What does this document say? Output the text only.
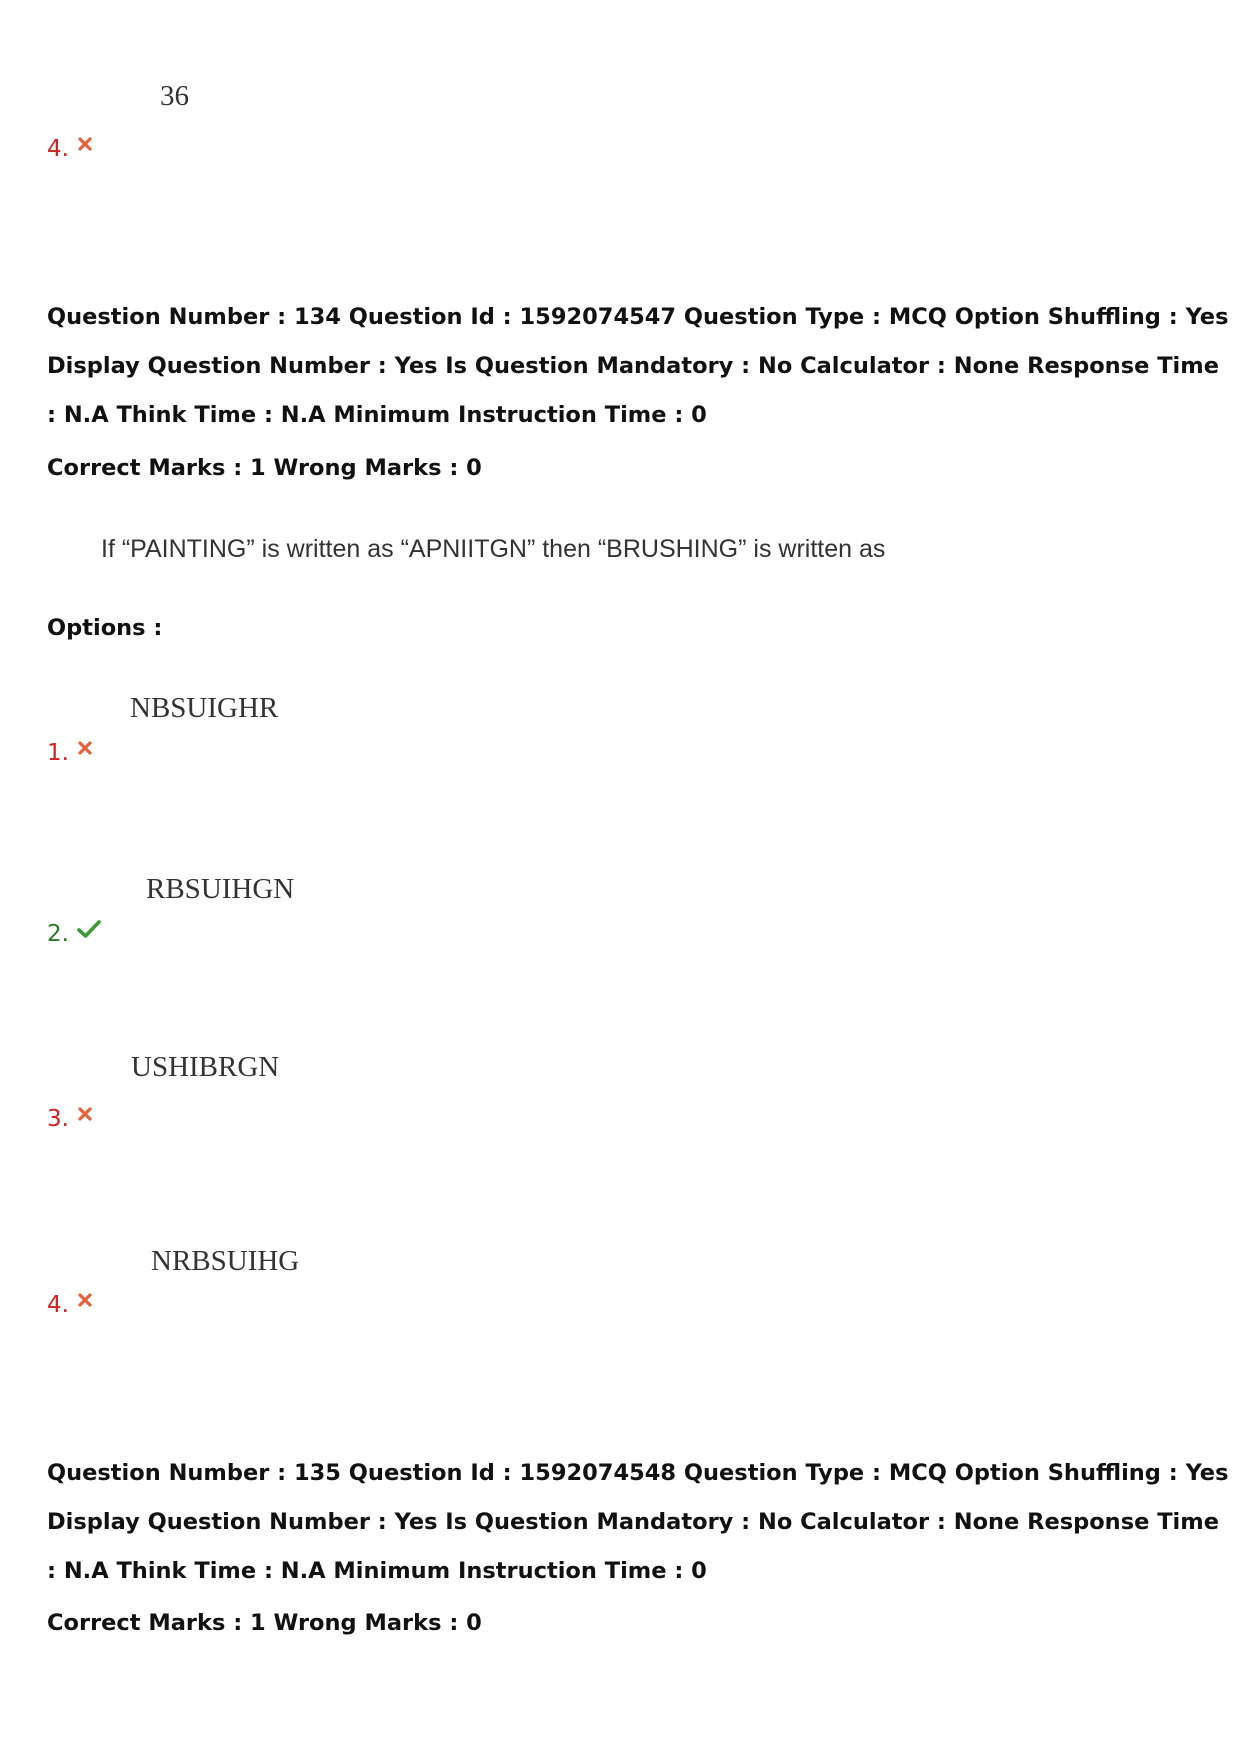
36
4.
Question Number : 134 Question Id : 1592074547 Question Type : MCQ Option Shuffling : Yes
Display Question Number : Yes Is Question Mandatory : No Calculator : None Response Time
: N.A Think Time : N.A Minimum Instruction Time : 0
Correct Marks : 1 Wrong Marks : 0
If “PAINTING” is written as “APNIITGN” then “BRUSHING” is written as
Options :
NBSUIGHR
1.
RBSUIHGN
2.
USHIBRGN
3.
NRBSUIHG
4.
Question Number : 135 Question Id : 1592074548 Question Type : MCQ Option Shuffling : Yes
Display Question Number : Yes Is Question Mandatory : No Calculator : None Response Time
: N.A Think Time : N.A Minimum Instruction Time : 0
Correct Marks : 1 Wrong Marks : 0
